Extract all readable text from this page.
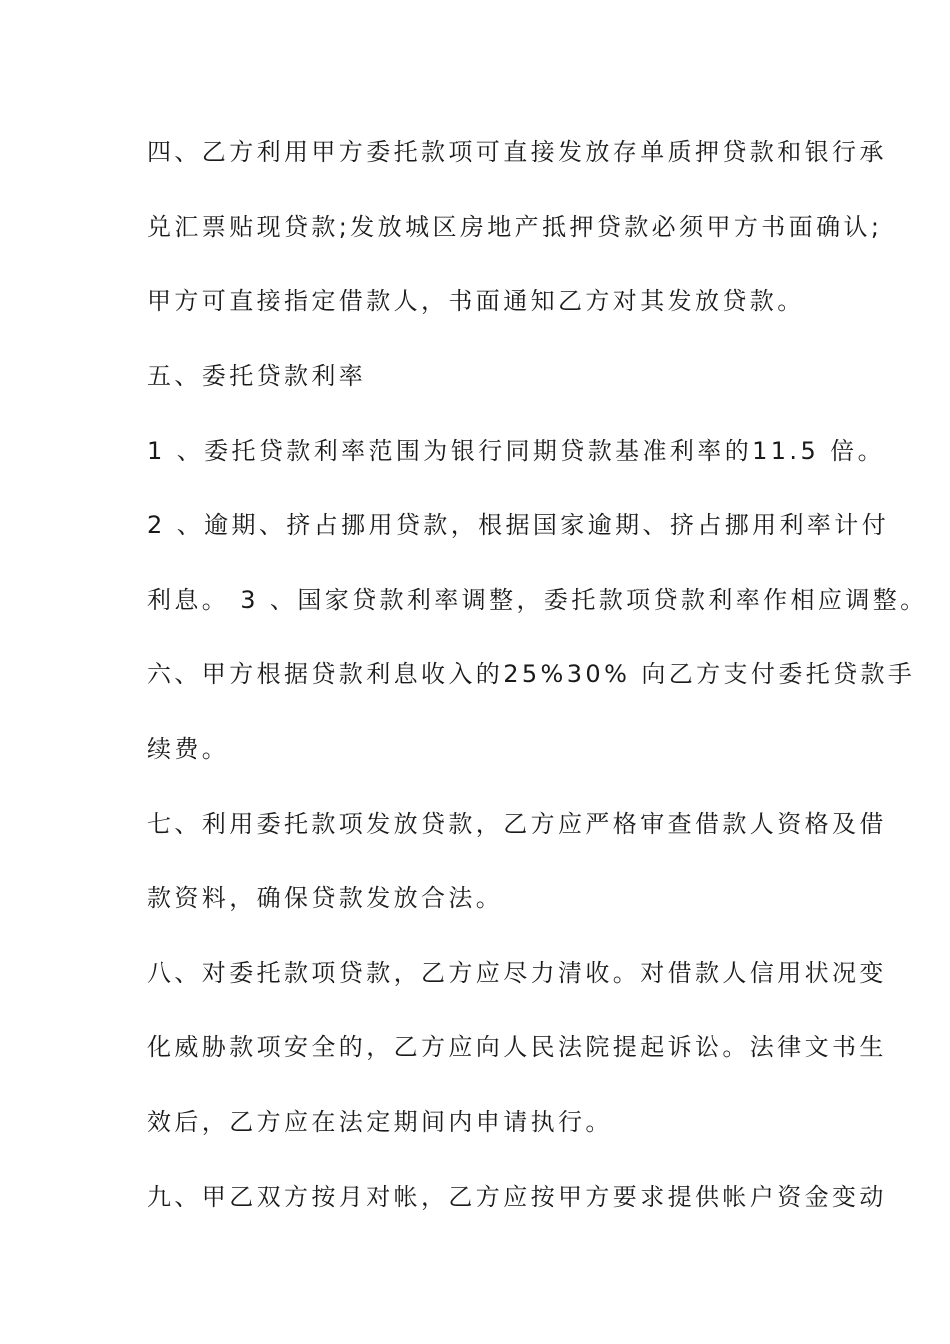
四、乙方利用甲方委托款项可直接发放存单质押贷款和银行承

兑汇票贴现贷款;发放城区房地产抵押贷款必须甲方书面确认;

甲方可直接指定借款人，书面通知乙方对其发放贷款。

五、委托贷款利率

1 、委托贷款利率范围为银行同期贷款基准利率的11.5 倍。

2 、逾期、挤占挪用贷款，根据国家逾期、挤占挪用利率计付

利息。 3 、国家贷款利率调整，委托款项贷款利率作相应调整。

六、甲方根据贷款利息收入的25%30% 向乙方支付委托贷款手

续费。

七、利用委托款项发放贷款，乙方应严格审查借款人资格及借

款资料，确保贷款发放合法。

八、对委托款项贷款，乙方应尽力清收。对借款人信用状况变

化威胁款项安全的，乙方应向人民法院提起诉讼。法律文书生

效后，乙方应在法定期间内申请执行。

九、甲乙双方按月对帐，乙方应按甲方要求提供帐户资金变动
